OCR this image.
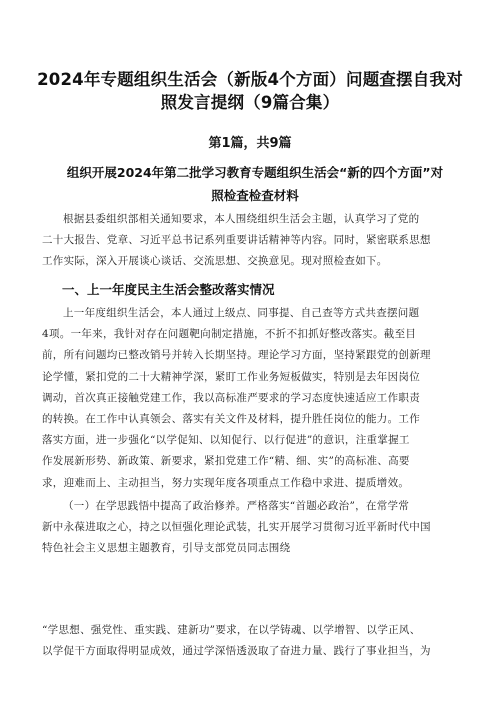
2024年专题组织生活会（新版4个方面）问题查摆自我对
照发言提纲（9篇合集）
第1篇，共9篇
组织开展2024年第二批学习教育专题组织生活会“新的四个方面”对
照检查检查材料
根据县委组织部相关通知要求，本人围绕组织生活会主题，认真学习了党的
二十大报告、党章、习近平总书记系列重要讲话精神等内容。同时，紧密联系思想
工作实际，深入开展谈心谈话、交流思想、交换意见。现对照检查如下。
一、上一年度民主生活会整改落实情况
上一年度组织生活会，本人通过上级点、同事提、自己查等方式共查摆问题
4项。一年来，我针对存在问题靶向制定措施，不折不扣抓好整改落实。截至目
前，所有问题均已整改销号并转入长期坚持。理论学习方面，坚持紧跟党的创新理
论学懂，紧扣党的二十大精神学深，紧盯工作业务短板做实，特别是去年因岗位
调动，首次真正接触党建工作，我以高标准严要求的学习态度快速适应工作职责
的转换。在工作中认真领会、落实有关文件及材料，提升胜任岗位的能力。工作
落实方面，进一步强化“以学促知、以知促行、以行促进”的意识，注重掌握工
作发展新形势、新政策、新要求，紧扣党建工作“精、细、实”的高标准、高要
求，迎难而上、主动担当，努力实现年度各项重点工作稳中求进、提质增效。
（一）在学思践悟中提高了政治修养。严格落实“首题必政治”，在常学常
新中永葆进取之心，持之以恒强化理论武装，扎实开展学习贯彻习近平新时代中国
特色社会主义思想主题教育，引导支部党员同志围绕
“学思想、强党性、重实践、建新功”要求，在以学铸魂、以学增智、以学正风、
以学促干方面取得明显成效，通过学深悟透汲取了奋进力量、践行了事业担当，为
